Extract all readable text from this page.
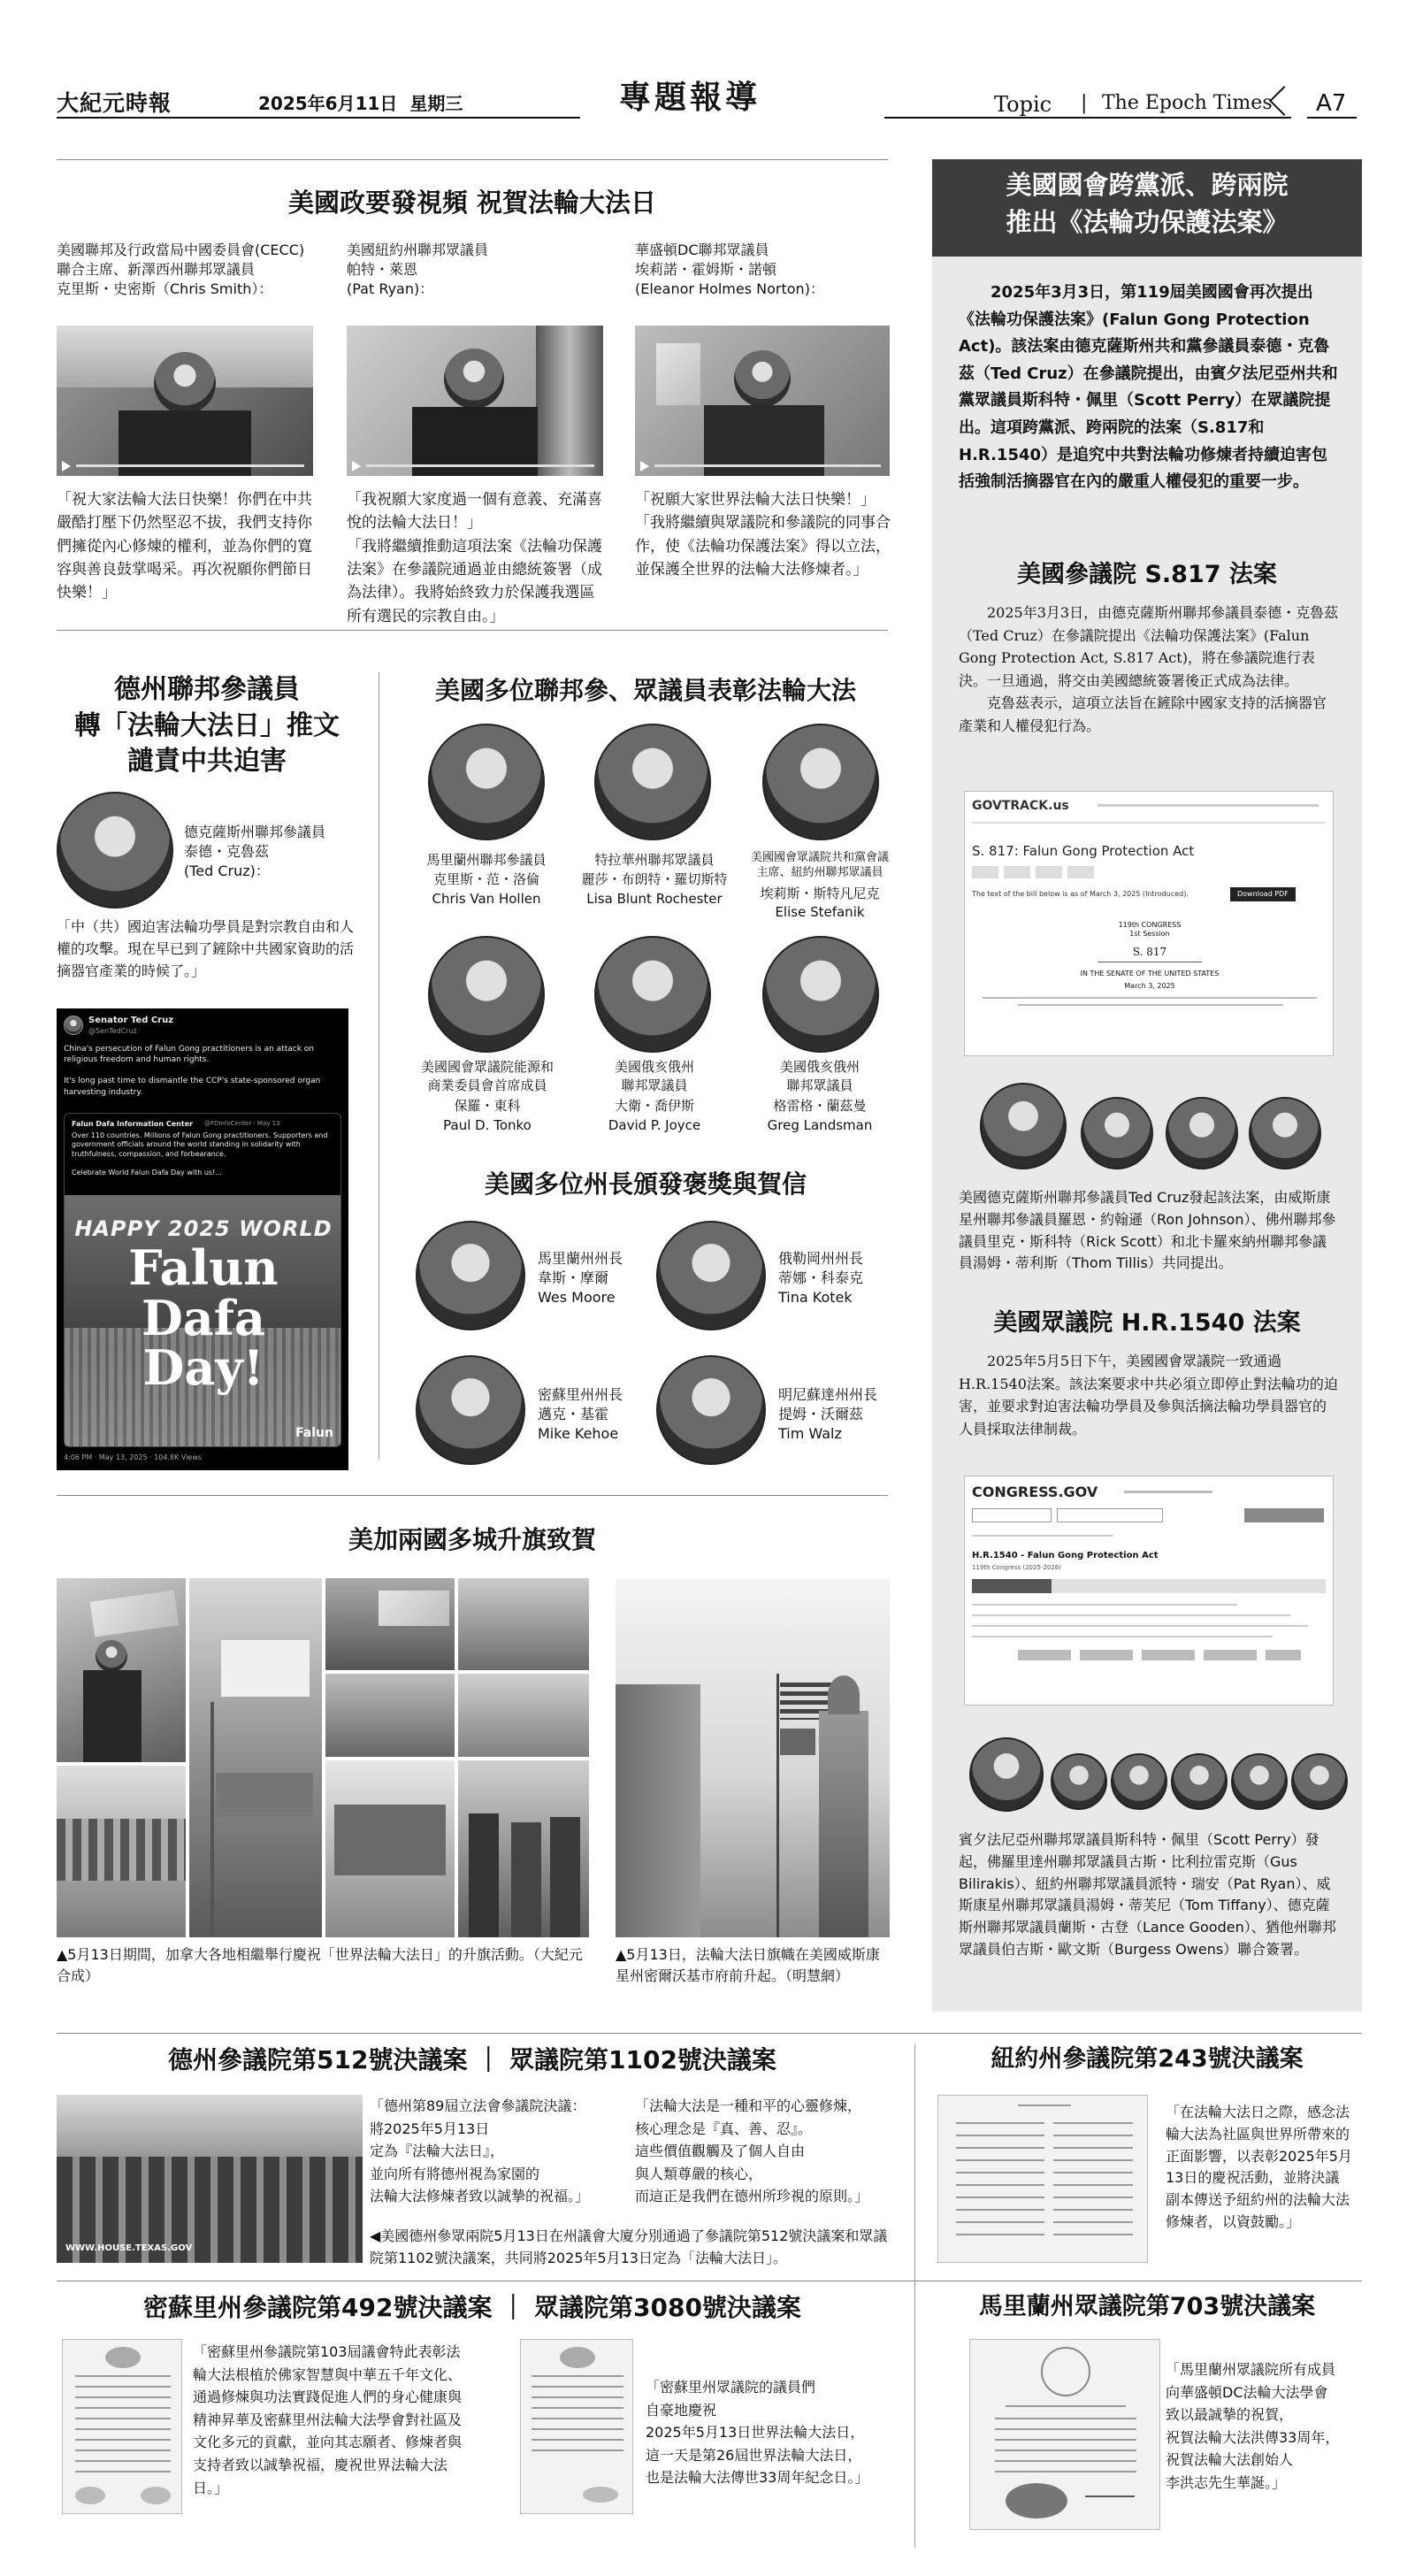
大紀元時報	2025年6月11日 星期三	專題報導	Topic | The Epoch Times A7
美國政要發視頻 祝賀法輪大法日
美國聯邦及行政當局中國委員會(CECC)
聯合主席、新澤西州聯邦眾議員
克里斯・史密斯（Chris Smith）：
「祝大家法輪大法日快樂！你們在中共嚴酷打壓下仍然堅忍不拔，我們支持你們擁從內心修煉的權利，並為你們的寬容與善良鼓掌喝采。再次祝願你們節日快樂！」
美國紐約州聯邦眾議員
帕特・萊恩
(Pat Ryan)：
「我祝願大家度過一個有意義、充滿喜悅的法輪大法日！」
「我將繼續推動這項法案《法輪功保護法案》在參議院通過並由總統簽署（成為法律）。我將始終致力於保護我選區所有選民的宗教自由。」
華盛頓DC聯邦眾議員
埃莉諾・霍姆斯・諾頓
(Eleanor Holmes Norton)：
「祝願大家世界法輪大法日快樂！」
「我將繼續與眾議院和參議院的同事合作，使《法輪功保護法案》得以立法，並保護全世界的法輪大法修煉者。」
德州聯邦參議員
轉「法輪大法日」推文
譴責中共迫害
德克薩斯州聯邦參議員
泰德・克魯茲
(Ted Cruz)：
「中（共）國迫害法輪功學員是對宗教自由和人權的攻擊。現在早已到了鏟除中共國家資助的活摘器官產業的時候了。」
Senator Ted Cruz
@SenTedCruz
China's persecution of Falun Gong practitioners is an attack on religious freedom and human rights.

It's long past time to dismantle the CCP's state-sponsored organ harvesting industry.
Falun Dafa Information Center @FDInfoCenter · May 13
Over 110 countries. Millions of Falun Gong practitioners. Supporters and government officials around the world standing in solidarity with truthfulness, compassion, and forbearance.

Celebrate World Falun Dafa Day with us!...
HAPPY 2025 WORLD
Falun Dafa
Day!
Falun
4:06 PM · May 13, 2025 · 104.8K Views
美國多位聯邦參、眾議員表彰法輪大法
馬里蘭州聯邦參議員
克里斯・范・洛倫
Chris Van Hollen
特拉華州聯邦眾議員
麗莎・布朗特・羅切斯特
Lisa Blunt Rochester
美國國會眾議院共和黨會議
主席、紐約州聯邦眾議員
埃莉斯・斯特凡尼克
Elise Stefanik
美國國會眾議院能源和
商業委員會首席成員
保羅・東科
Paul D. Tonko
美國俄亥俄州
聯邦眾議員
大衛・喬伊斯
David P. Joyce
美國俄亥俄州
聯邦眾議員
格雷格・蘭茲曼
Greg Landsman
美國多位州長頒發褒獎與賀信
馬里蘭州州長
韋斯・摩爾
Wes Moore
俄勒岡州州長
蒂娜・科泰克
Tina Kotek
密蘇里州州長
邁克・基霍
Mike Kehoe
明尼蘇達州州長
提姆・沃爾茲
Tim Walz
美加兩國多城升旗致賀
▲5月13日期間，加拿大各地相繼舉行慶祝「世界法輪大法日」的升旗活動。（大紀元合成）
▲5月13日，法輪大法日旗幟在美國威斯康星州密爾沃基市府前升起。（明慧網）
美國國會跨黨派、跨兩院
推出《法輪功保護法案》
2025年3月3日，第119屆美國國會再次提出《法輪功保護法案》(Falun Gong Protection Act)。該法案由德克薩斯州共和黨參議員泰德・克魯茲（Ted Cruz）在參議院提出，由賓夕法尼亞州共和黨眾議員斯科特・佩里（Scott Perry）在眾議院提出。這項跨黨派、跨兩院的法案（S.817和H.R.1540）是追究中共對法輪功修煉者持續迫害包括強制活摘器官在內的嚴重人權侵犯的重要一步。
美國參議院 S.817 法案
2025年3月3日，由德克薩斯州聯邦參議員泰德・克魯茲（Ted Cruz）在參議院提出《法輪功保護法案》(Falun Gong Protection Act, S.817 Act)，將在參議院進行表決。一旦通過，將交由美國總統簽署後正式成為法律。
　　克魯茲表示，這項立法旨在鏟除中國家支持的活摘器官產業和人權侵犯行為。
GOVTRACK.us
S. 817: Falun Gong Protection Act
The text of the bill below is as of March 3, 2025 (Introduced).	Download PDF
119th CONGRESS
1st Session
S. 817
IN THE SENATE OF THE UNITED STATES
March 3, 2025
美國德克薩斯州聯邦參議員Ted Cruz發起該法案，由威斯康星州聯邦參議員羅恩・約翰遜（Ron Johnson）、佛州聯邦參議員里克・斯科特（Rick Scott）和北卡羅來納州聯邦參議員湯姆・蒂利斯（Thom Tillis）共同提出。
美國眾議院 H.R.1540 法案
2025年5月5日下午，美國國會眾議院一致通過H.R.1540法案。該法案要求中共必須立即停止對法輪功的迫害，並要求對迫害法輪功學員及參與活摘法輪功學員器官的人員採取法律制裁。
CONGRESS.GOV
H.R.1540 - Falun Gong Protection Act
119th Congress (2025-2026)
賓夕法尼亞州聯邦眾議員斯科特・佩里（Scott Perry）發起，佛羅里達州聯邦眾議員古斯・比利拉雷克斯（Gus Bilirakis）、紐約州聯邦眾議員派特・瑞安（Pat Ryan）、威斯康星州聯邦眾議員湯姆・蒂芙尼（Tom Tiffany）、德克薩斯州聯邦眾議員蘭斯・古登（Lance Gooden）、猶他州聯邦眾議員伯吉斯・歐文斯（Burgess Owens）聯合簽署。
德州參議院第512號決議案 ｜ 眾議院第1102號決議案
WWW.HOUSE.TEXAS.GOV
「德州第89屆立法會參議院決議：
將2025年5月13日
定為『法輪大法日』，
並向所有將德州視為家園的
法輪大法修煉者致以誠摯的祝福。」
「法輪大法是一種和平的心靈修煉，
核心理念是『真、善、忍』。
這些價值觀觸及了個人自由
與人類尊嚴的核心，
而這正是我們在德州所珍視的原則。」
◀美國德州參眾兩院5月13日在州議會大廈分別通過了參議院第512號決議案和眾議院第1102號決議案，共同將2025年5月13日定為「法輪大法日」。
紐約州參議院第243號決議案
「在法輪大法日之際，感念法輪大法為社區與世界所帶來的正面影響，以表彰2025年5月13日的慶祝活動，並將決議副本傳送予紐約州的法輪大法修煉者，以資鼓勵。」
密蘇里州參議院第492號決議案 ｜ 眾議院第3080號決議案
「密蘇里州參議院第103屆議會特此表彰法輪大法根植於佛家智慧與中華五千年文化、通過修煉與功法實踐促進人們的身心健康與精神昇華及密蘇里州法輪大法學會對社區及文化多元的貢獻，並向其志願者、修煉者與支持者致以誠摯祝福，慶祝世界法輪大法日。」
「密蘇里州眾議院的議員們
自豪地慶祝
2025年5月13日世界法輪大法日，
這一天是第26屆世界法輪大法日，
也是法輪大法傳世33周年紀念日。」
馬里蘭州眾議院第703號決議案
「馬里蘭州眾議院所有成員
向華盛頓DC法輪大法學會
致以最誠摯的祝賀，
祝賀法輪大法洪傳33周年，
祝賀法輪大法創始人
李洪志先生華誕。」
